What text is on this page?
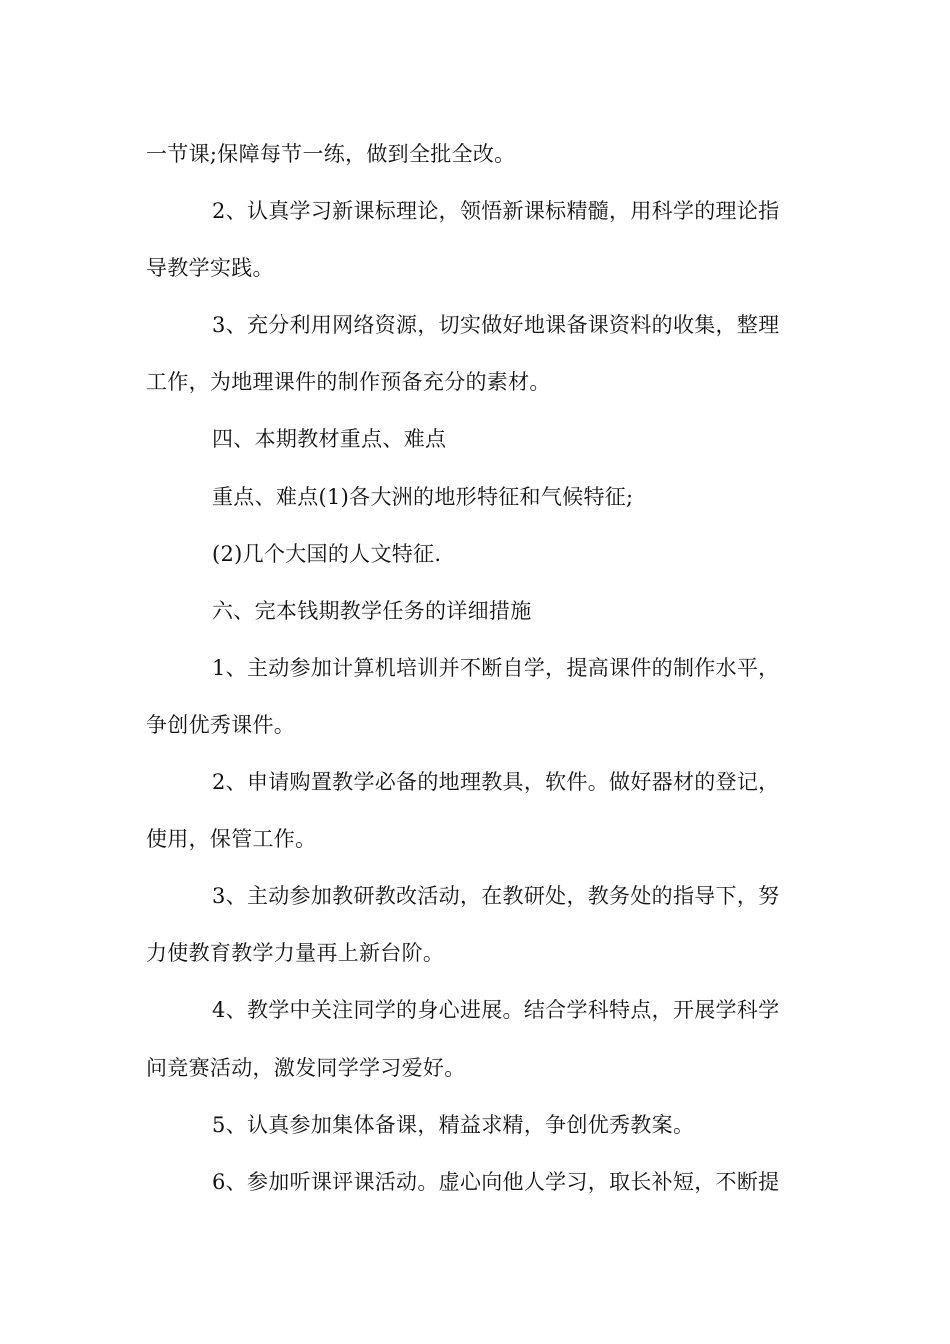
一节课;保障每节一练，做到全批全改。
2、认真学习新课标理论，领悟新课标精髓，用科学的理论指
导教学实践。
3、充分利用网络资源，切实做好地课备课资料的收集，整理
工作，为地理课件的制作预备充分的素材。
四、本期教材重点、难点
重点、难点(1)各大洲的地形特征和气候特征;
(2)几个大国的人文特征.
六、完本钱期教学任务的详细措施
1、主动参加计算机培训并不断自学，提高课件的制作水平，
争创优秀课件。
2、申请购置教学必备的地理教具，软件。做好器材的登记，
使用，保管工作。
3、主动参加教研教改活动，在教研处，教务处的指导下，努
力使教育教学力量再上新台阶。
4、教学中关注同学的身心进展。结合学科特点，开展学科学
问竞赛活动，激发同学学习爱好。
5、认真参加集体备课，精益求精，争创优秀教案。
6、参加听课评课活动。虚心向他人学习，取长补短，不断提
